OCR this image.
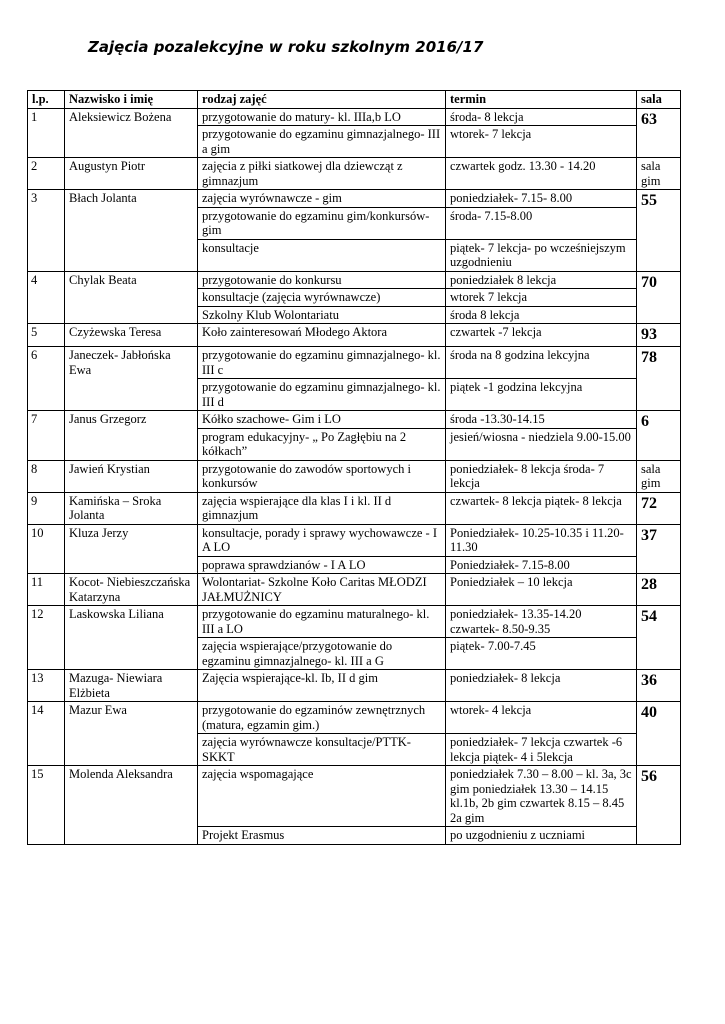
Zajęcia pozalekcyjne w roku szkolnym 2016/17
l.p.	Nazwisko i imię	rodzaj zajęć	termin	sala
1	Aleksiewicz Bożena	przygotowanie do matury- kl. IIIa,b LO	środa- 8 lekcja	63
		przygotowanie do egzaminu gimnazjalnego- III a gim	wtorek- 7 lekcja	
2	Augustyn Piotr	zajęcia z piłki siatkowej dla dziewcząt z gimnazjum	czwartek godz. 13.30 - 14.20	sala gim
3	Błach Jolanta	zajęcia wyrównawcze - gim	poniedziałek- 7.15- 8.00	55
		przygotowanie do egzaminu gim/konkursów-gim	środa- 7.15-8.00	
		konsultacje	piątek- 7 lekcja- po wcześniejszym uzgodnieniu	
4	Chylak Beata	przygotowanie do konkursu	poniedziałek 8 lekcja	70
		konsultacje (zajęcia wyrównawcze)	wtorek 7 lekcja	
		Szkolny Klub Wolontariatu	środa 8 lekcja	
5	Czyżewska Teresa	Koło zainteresowań Młodego Aktora	czwartek -7 lekcja	93
6	Janeczek- Jabłońska Ewa	przygotowanie do egzaminu gimnazjalnego- kl. III c	środa na 8 godzina lekcyjna	78
		przygotowanie do egzaminu gimnazjalnego- kl. III d	piątek -1 godzina lekcyjna	
7	Janus Grzegorz	Kółko szachowe- Gim i LO	środa -13.30-14.15	6
		program edukacyjny- „ Po Zagłębiu na 2 kółkach”	jesień/wiosna - niedziela 9.00-15.00	
8	Jawień Krystian	przygotowanie do zawodów sportowych i konkursów	poniedziałek- 8 lekcja środa- 7 lekcja	sala gim
9	Kamińska – Sroka Jolanta	zajęcia wspierające dla klas I i kl. II d gimnazjum	czwartek- 8 lekcja piątek- 8 lekcja	72
10	Kluza Jerzy	konsultacje, porady i sprawy wychowawcze - I A LO	Poniedziałek- 10.25-10.35 i 11.20-11.30	37
		poprawa sprawdzianów - I A LO	Poniedziałek- 7.15-8.00	
11	Kocot- Niebieszczańska Katarzyna	Wolontariat- Szkolne Koło Caritas MŁODZI JAŁMUŻNICY	Poniedziałek – 10 lekcja	28
12	Laskowska Liliana	przygotowanie do egzaminu maturalnego- kl. III a LO	poniedziałek- 13.35-14.20 czwartek- 8.50-9.35	54
		zajęcia wspierające/przygotowanie do egzaminu gimnazjalnego- kl. III a G	piątek- 7.00-7.45	
13	Mazuga- Niewiara Elżbieta	Zajęcia wspierające-kl. Ib, II d gim	poniedziałek- 8 lekcja	36
14	Mazur Ewa	przygotowanie do egzaminów zewnętrznych (matura, egzamin gim.)	wtorek- 4 lekcja	40
		zajęcia wyrównawcze konsultacje/PTTK-SKKT	poniedziałek- 7 lekcja czwartek -6 lekcja piątek- 4 i 5lekcja	
15	Molenda Aleksandra	zajęcia wspomagające	poniedziałek 7.30 – 8.00 – kl. 3a, 3c gim poniedziałek 13.30 – 14.15 kl.1b, 2b gim czwartek 8.15 – 8.45 2a gim	56
		Projekt Erasmus	po uzgodnieniu z uczniami	
